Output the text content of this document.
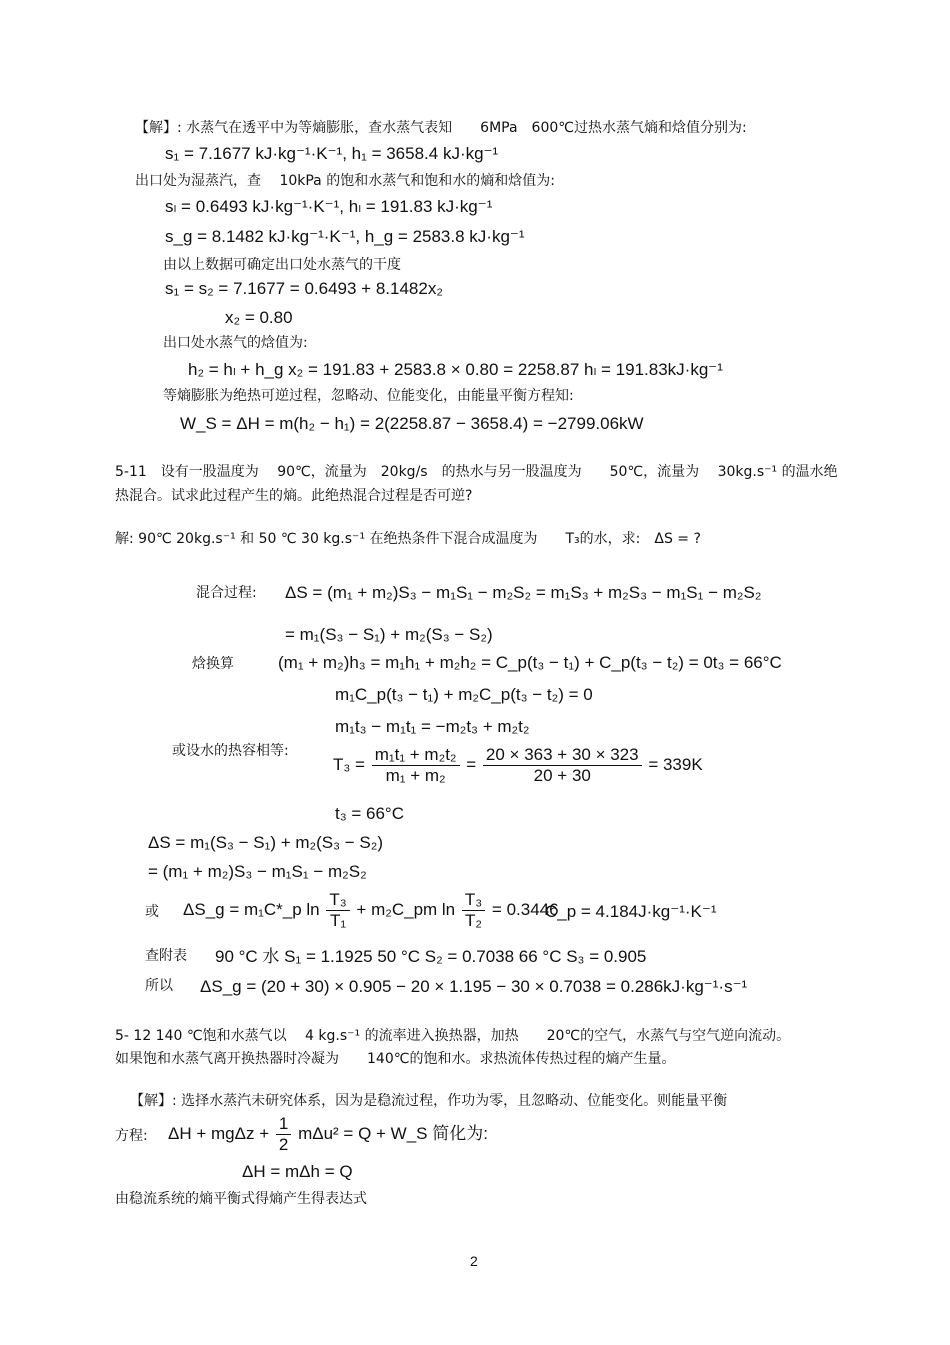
【解】: 水蒸气在透平中为等熵膨胀，查水蒸气表知　　6MPa　600℃过热水蒸气熵和焓值分别为:
s₁ = 7.1677 kJ·kg⁻¹·K⁻¹, h₁ = 3658.4 kJ·kg⁻¹
出口处为湿蒸汽，查　 10kPa 的饱和水蒸气和饱和水的熵和焓值为:
sₗ = 0.6493 kJ·kg⁻¹·K⁻¹, hₗ = 191.83 kJ·kg⁻¹
s_g = 8.1482 kJ·kg⁻¹·K⁻¹, h_g = 2583.8 kJ·kg⁻¹
由以上数据可确定出口处水蒸气的干度
s₁ = s₂ = 7.1677 = 0.6493 + 8.1482x₂
x₂ = 0.80
出口处水蒸气的焓值为:
h₂ = hₗ + h_g x₂ = 191.83 + 2583.8 × 0.80 = 2258.87 hₗ = 191.83kJ·kg⁻¹
等熵膨胀为绝热可逆过程，忽略动、位能变化，由能量平衡方程知:
W_S = ΔH = m(h₂ − h₁) = 2(2258.87 − 3658.4) = −2799.06kW
5-11　设有一股温度为　 90℃，流量为　20kg/s　的热水与另一股温度为　　50℃，流量为　 30kg.s⁻¹ 的温水绝
热混合。试求此过程产生的熵。此绝热混合过程是否可逆?
解: 90℃ 20kg.s⁻¹ 和 50 ℃ 30 kg.s⁻¹ 在绝热条件下混合成温度为　　T₃的水，求:　ΔS = ?
混合过程: ΔS = (m₁ + m₂)S₃ − m₁S₁ − m₂S₂ = m₁S₃ + m₂S₃ − m₁S₁ − m₂S₂
= m₁(S₃ − S₁) + m₂(S₃ − S₂)
焓换算	(m₁ + m₂)h₃ = m₁h₁ + m₂h₂ = C_p(t₃ − t₁) + C_p(t₃ − t₂) = 0t₃ = 66°C
m₁C_p(t₃ − t₁) + m₂C_p(t₃ − t₂) = 0
m₁t₃ − m₁t₁ = −m₂t₃ + m₂t₂
或设水的热容相等:
$T_3 = \frac{\text{m₁t₁ + m₂t₂}}{\text{m₁ + m₂}} = \frac{20 \times 363 + 30 \times 323}{20 + 30} = 339K$
t₃ = 66°C
ΔS = m₁(S₃ − S₁) + m₂(S₃ − S₂)
= (m₁ + m₂)S₃ − m₁S₁ − m₂S₂
或 ΔS_g = m₁C*_p $\ln \frac{\text{T₃}}{\text{T₁}}$ + m₂C_pm $\ln \frac{\text{T₃}}{\text{T₂}} = 0.3446$
C_p = 4.184J·kg⁻¹·K⁻¹
查附表 90 °C 水 S₁ = 1.1925 50 °C S₂ = 0.7038 66 °C S₃ = 0.905
所以 ΔS_g = (20 + 30) × 0.905 − 20 × 1.195 − 30 × 0.7038 = 0.286kJ·kg⁻¹·s⁻¹
5- 12 140 ℃饱和水蒸气以　 4 kg.s⁻¹ 的流率进入换热器，加热　　20℃的空气，水蒸气与空气逆向流动。
如果饱和水蒸气离开换热器时冷凝为　　140℃的饱和水。求热流体传热过程的熵产生量。
【解】: 选择水蒸汽未研究体系，因为是稳流过程，作功为零，且忽略动、位能变化。则能量平衡
方程: $\Delta H + mg\Delta z + \frac{1}{2} m\Delta u^2 = Q$ + W_S 简化为:
ΔH = mΔh = Q
由稳流系统的熵平衡式得熵产生得表达式
2
